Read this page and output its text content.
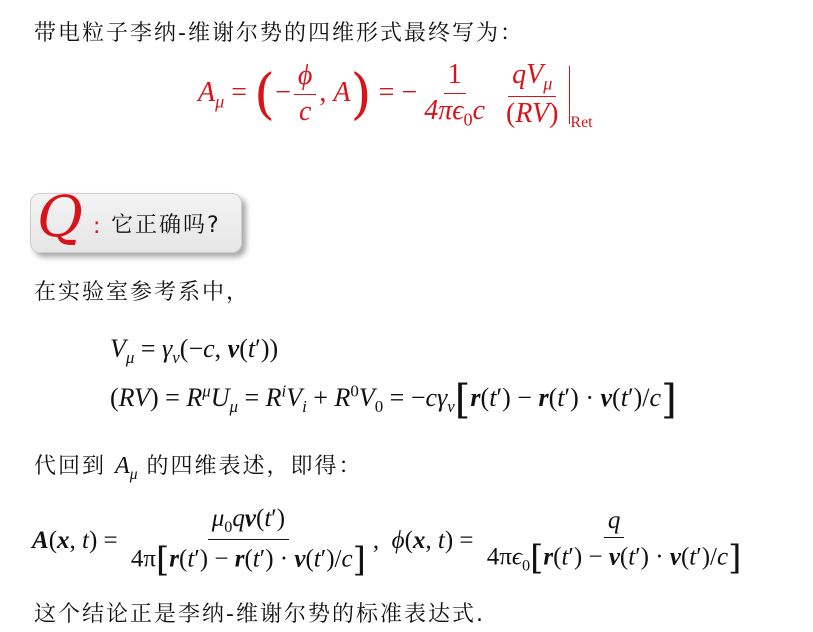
带电粒子李纳-维谢尔势的四维形式最终写为：
$A_\mu$ = (− $\frac{\phi}{c}$ , A) = − $\frac{1}{4\pi\epsilon_0c}$
$\frac{qV_\mu}{(RV)} _{Ret}$
Q : 它正确吗?
在实验室参考系中，
$V_\mu = \gamma_v(-c$, v(t′))
$(RV) = R^\mu U_\mu = R^iV_i + R^0V_0 = -c\gamma_v[r(t') - r(t') \cdot v(t')/c]$
代回到 $A_\mu$ 的四维表述，即得：
A(x, $t) = \frac{\mu_0qv(t')}{4\pi[r(t') - r(t') \cdot v(t')/c]}$ ,  ϕ(x, $t) = \frac{q}{4\pi\epsilon_0[r(t') - v(t') \cdot v(t')/c]}$
这个结论正是李纳-维谢尔势的标准表达式.
